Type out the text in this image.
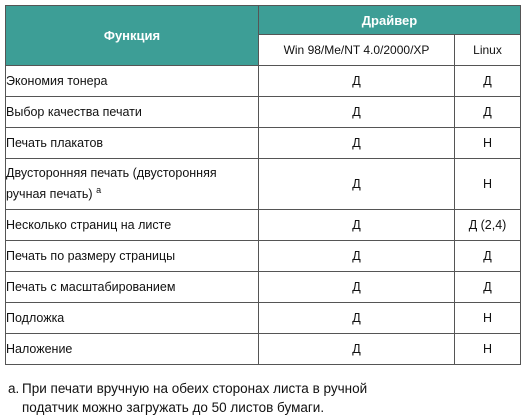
Функция	Драйвер	
	Win 98/Me/NT 4.0/2000/XP	Linux
Экономия тонера	Д	Д
Выбор качества печати	Д	Д
Печать плакатов	Д	Н
Двусторонняя печать (двусторонняя ручная печать) $^a$	Д	Н
Несколько страниц на листе	Д	Д (2,4)
Печать по размеру страницы	Д	Д
Печать с масштабированием	Д	Д
Подложка	Д	Н
Наложение	Д	Н
a. При печати вручную на обеих сторонах листа в ручной
податчик можно загружать до 50 листов бумаги.
